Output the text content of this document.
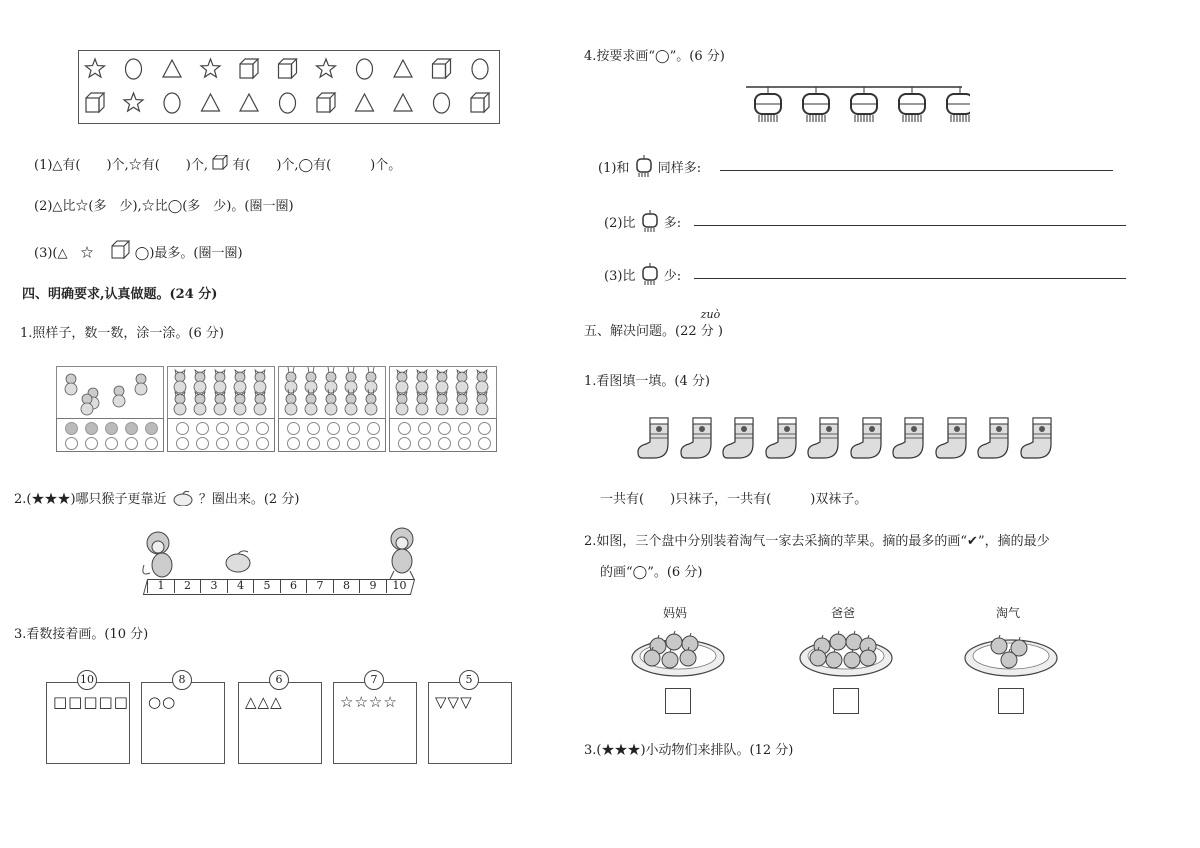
(1)△有(　　)个,☆有(　　)个, 有(　　)个,◯有(　　　)个。
(2)△比☆(多　少),☆比◯(多　少)。(圈一圈)
(3)(△　☆　  ◯)最多。(圈一圈)
四、明确要求,认真做题。(24 分)
1.照样子，数一数，涂一涂。(6 分)
2.(★★★)哪只猴子更靠近 ？圈出来。(2 分)
1	2	3	4	5	6	7	8	9	10
3.看数接着画。(10 分)
□□□□□
10
○○
8
△△△
6
☆☆☆☆
7
▽▽▽
5
4.按要求画“◯”。(6 分)
(1)和 同样多:
(2)比 多:
(3)比 少:
五、解决问题。(22
zuò
分 )
1.看图填一填。(4 分)
一共有(　　)只袜子，一共有(　　　)双袜子。
2.如图，三个盘中分别装着淘气一家去采摘的苹果。摘的最多的画“✔”，摘的最少
的画“◯”。(6 分)
妈妈	爸爸	淘气
3.(★★★)小动物们来排队。(12 分)
